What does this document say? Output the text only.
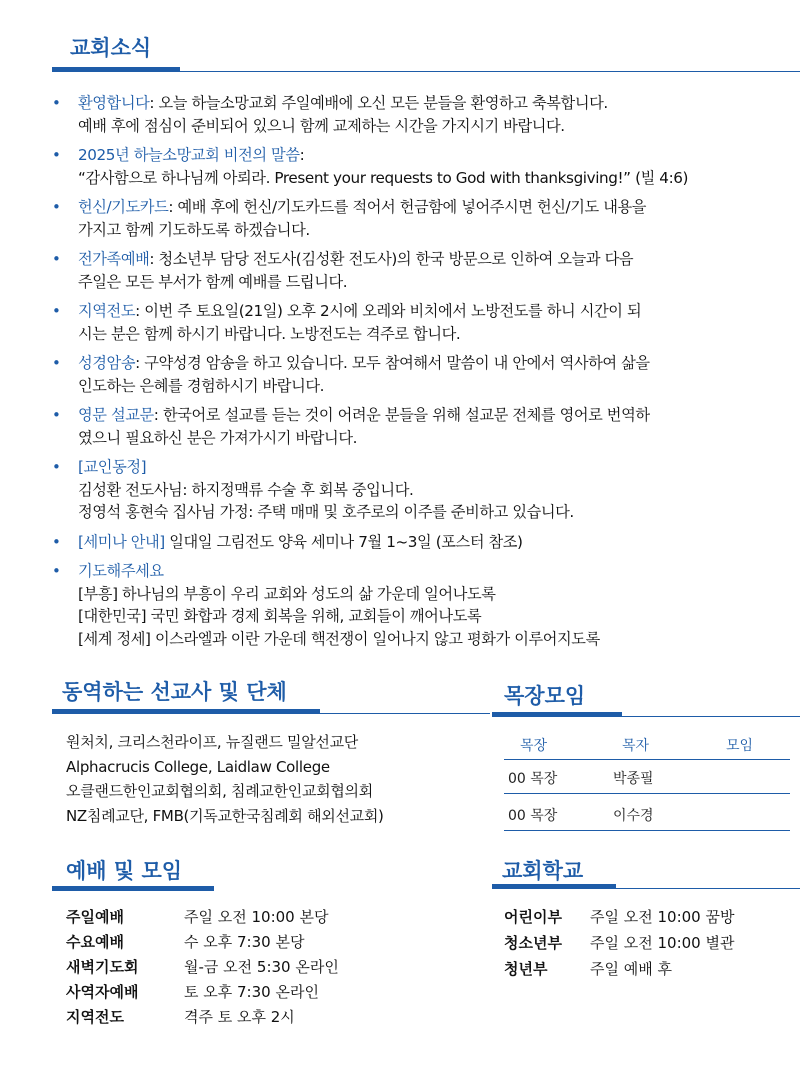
교회소식
• 환영합니다: 오늘 하늘소망교회 주일예배에 오신 모든 분들을 환영하고 축복합니다.
예배 후에 점심이 준비되어 있으니 함께 교제하는 시간을 가지시기 바랍니다.
• 2025년 하늘소망교회 비전의 말씀:
“감사함으로 하나님께 아뢰라. Present your requests to God with thanksgiving!” (빌 4:6)
• 헌신/기도카드: 예배 후에 헌신/기도카드를 적어서 헌금함에 넣어주시면 헌신/기도 내용을
가지고 함께 기도하도록 하겠습니다.
• 전가족예배: 청소년부 담당 전도사(김성환 전도사)의 한국 방문으로 인하여 오늘과 다음
주일은 모든 부서가 함께 예배를 드립니다.
• 지역전도: 이번 주 토요일(21일) 오후 2시에 오레와 비치에서 노방전도를 하니 시간이 되
시는 분은 함께 하시기 바랍니다. 노방전도는 격주로 합니다.
• 성경암송: 구약성경 암송을 하고 있습니다. 모두 참여해서 말씀이 내 안에서 역사하여 삶을
인도하는 은혜를 경험하시기 바랍니다.
• 영문 설교문: 한국어로 설교를 듣는 것이 어려운 분들을 위해 설교문 전체를 영어로 번역하
였으니 필요하신 분은 가져가시기 바랍니다.
• [교인동정]
김성환 전도사님: 하지정맥류 수술 후 회복 중입니다.
정영석 홍현숙 집사님 가정: 주택 매매 및 호주로의 이주를 준비하고 있습니다.
• [세미나 안내] 일대일 그림전도 양육 세미나 7월 1~3일 (포스터 참조)
• 기도해주세요
[부흥] 하나님의 부흥이 우리 교회와 성도의 삶 가운데 일어나도록
[대한민국] 국민 화합과 경제 회복을 위해, 교회들이 깨어나도록
[세계 정세] 이스라엘과 이란 가운데 핵전쟁이 일어나지 않고 평화가 이루어지도록
동역하는 선교사 및 단체
원처치, 크리스천라이프, 뉴질랜드 밀알선교단
Alphacrucis College, Laidlaw College
오클랜드한인교회협의회, 침례교한인교회협의회
NZ침례교단, FMB(기독교한국침례회 해외선교회)
목장모임
목장	목자	모임
00 목장	박종필
00 목장	이수경
예배 및 모임
주일예배	주일 오전 10:00 본당
수요예배	수 오후 7:30 본당
새벽기도회	월-금 오전 5:30 온라인
사역자예배	토 오후 7:30 온라인
지역전도	격주 토 오후 2시
교회학교
어린이부 주일 오전 10:00 꿈방
청소년부 주일 오전 10:00 별관
청년부	주일 예배 후
